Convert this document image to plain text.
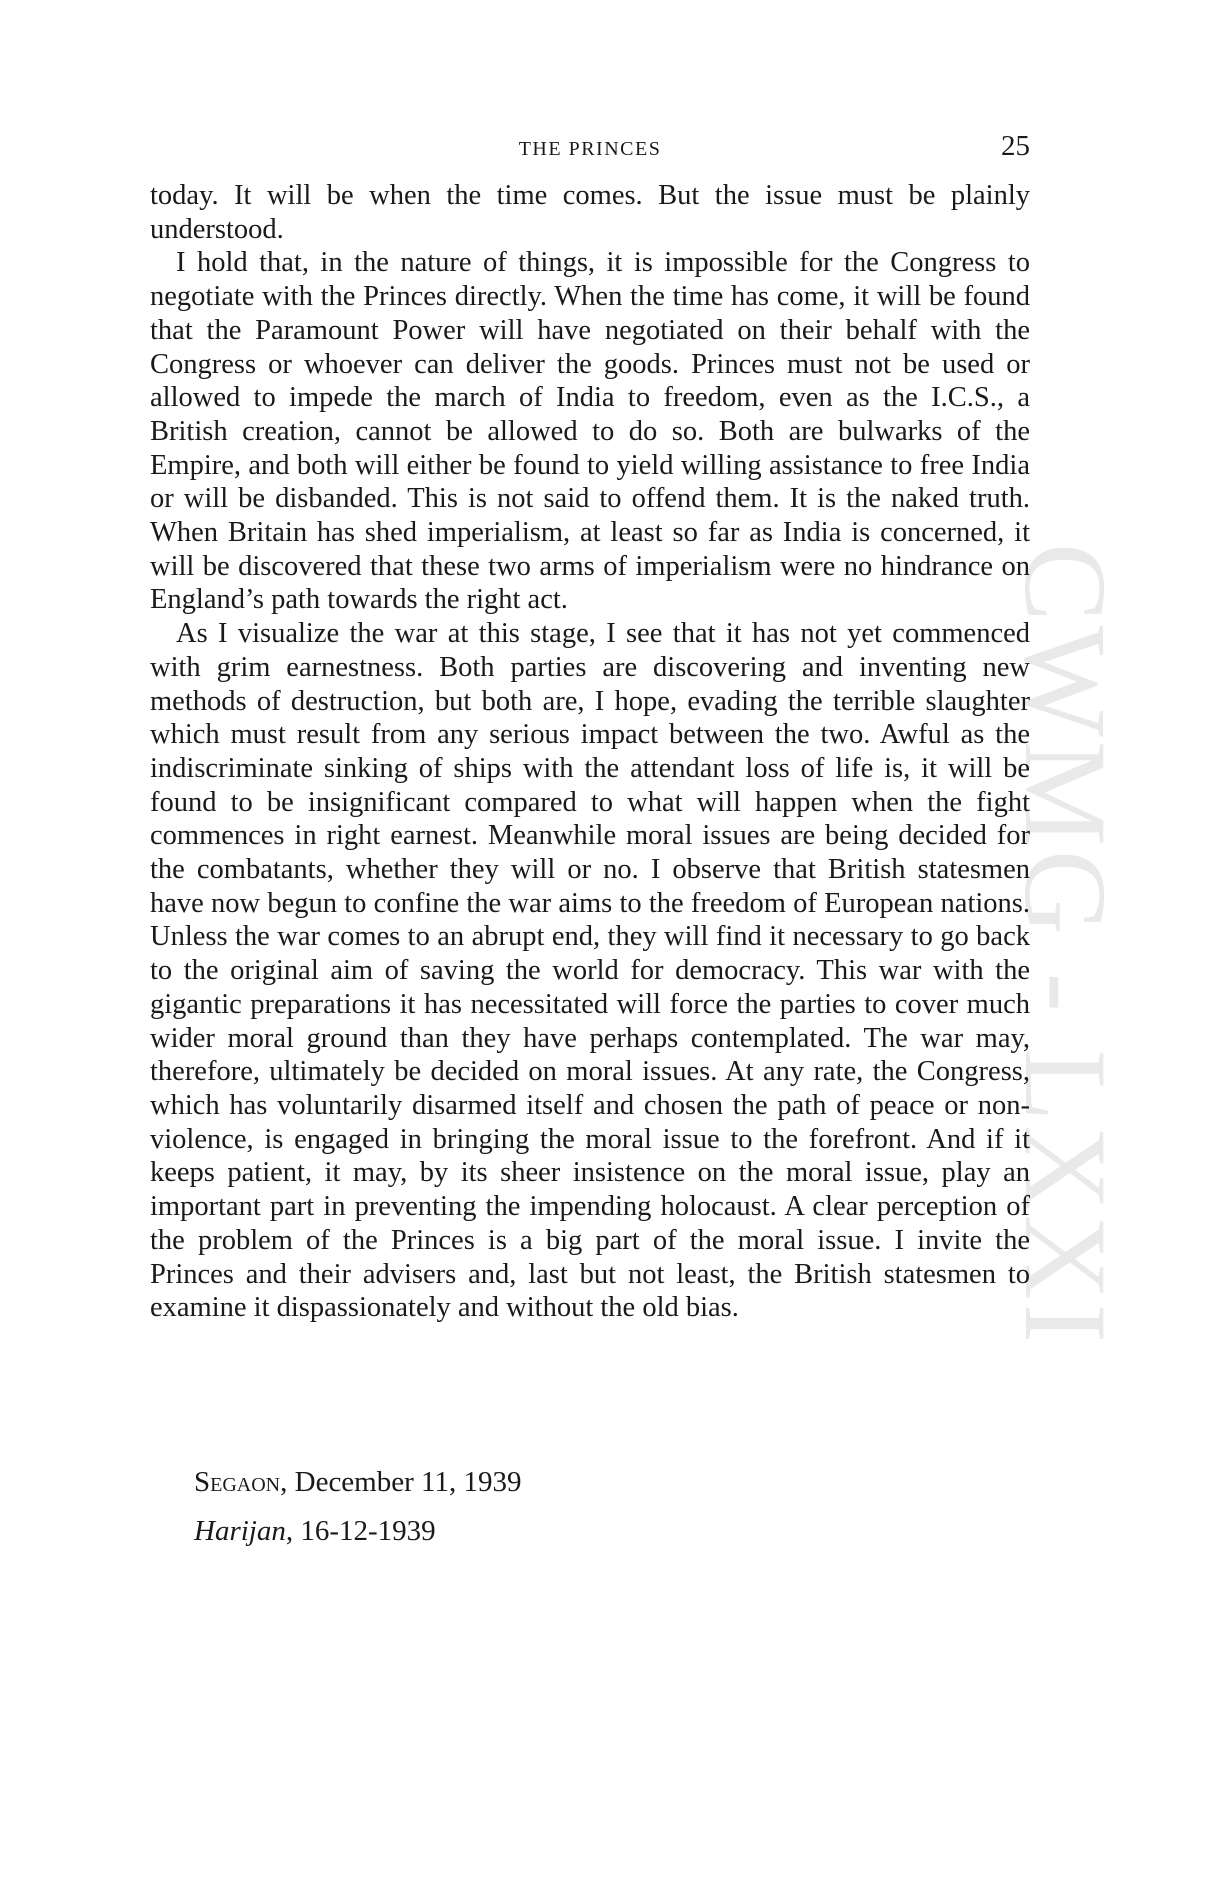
CWMG - LXXI
THE PRINCES	25

today. It will be when the time comes. But the issue must be plainly understood.

I hold that, in the nature of things, it is impossible for the Congress to negotiate with the Princes directly. When the time has come, it will be found that the Paramount Power will have negotiated on their behalf with the Congress or whoever can deliver the goods. Princes must not be used or allowed to impede the march of India to freedom, even as the I.C.S., a British creation, cannot be allowed to do so. Both are bulwarks of the Empire, and both will either be found to yield willing assistance to free India or will be disbanded. This is not said to offend them. It is the naked truth. When Britain has shed imperialism, at least so far as India is concerned, it will be discovered that these two arms of imperialism were no hindrance on England’s path towards the right act.

As I visualize the war at this stage, I see that it has not yet commenced with grim earnestness. Both parties are discovering and inventing new methods of destruction, but both are, I hope, evading the terrible slaughter which must result from any serious impact between the two. Awful as the indiscriminate sinking of ships with the attendant loss of life is, it will be found to be insignificant compared to what will happen when the fight commences in right earnest. Meanwhile moral issues are being decided for the combatants, whether they will or no. I observe that British statesmen have now begun to confine the war aims to the freedom of European nations. Unless the war comes to an abrupt end, they will find it necessary to go back to the original aim of saving the world for democracy. This war with the gigantic preparations it has necessitated will force the parties to cover much wider moral ground than they have perhaps contemplated. The war may, therefore, ultimately be decided on moral issues. At any rate, the Congress, which has voluntarily disarmed itself and chosen the path of peace or non-violence, is engaged in bringing the moral issue to the forefront. And if it keeps patient, it may, by its sheer insistence on the moral issue, play an important part in preventing the impending holocaust. A clear perception of the problem of the Princes is a big part of the moral issue. I invite the Princes and their advisers and, last but not least, the British statesmen to examine it dispassionately and without the old bias.

Segaon, December 11, 1939
Harijan, 16-12-1939
